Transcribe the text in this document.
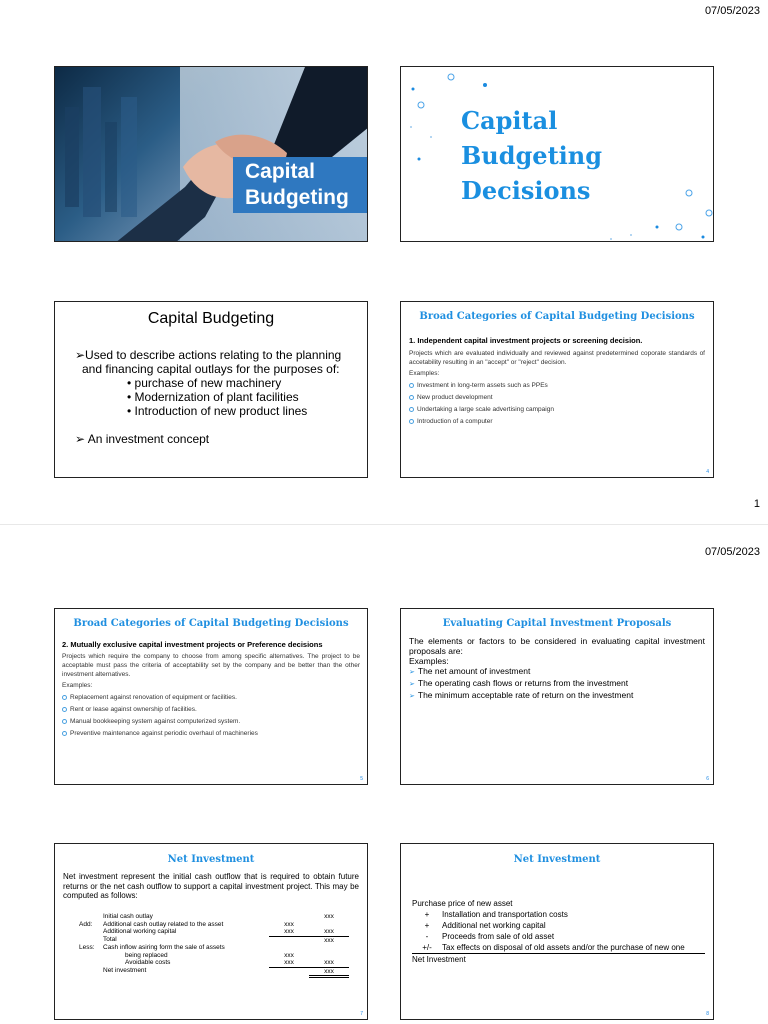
07/05/2023
Capital
Budgeting
Capital
Budgeting
Decisions
Capital Budgeting
➢Used to describe actions relating to the planning
and financing capital outlays for the purposes of:
• purchase of new machinery
• Modernization of plant facilities
• Introduction of new product lines
➢ An investment concept
Broad Categories of Capital Budgeting Decisions
1. Independent capital investment projects or screening decision.
Projects which are evaluated individually and reviewed against predetermined coporate standards of accetability resulting in an "accept" or "reject" decision.
Examples:
Investment in long-term assets such as PPEs
New product development
Undertaking a large scale advertising campaign
Introduction of a computer
4
1
07/05/2023
Broad Categories of Capital Budgeting Decisions
2. Mutually exclusive capital investment projects or Preference decisions
Projects which require the company to choose from among specific alternatives. The project to be acceptable must pass the criteria of acceptability set by the company and be better than the other investment alternatives.
Examples:
Replacement against renovation of equipment or facilities.
Rent or lease against ownership of facilities.
Manual bookkeeping system against computerized system.
Preventive maintenance against periodic overhaul of machineries
5
Evaluating Capital Investment Proposals
The elements or factors to be considered in evaluating capital investment proposals are:
Examples:
➢ The net amount of investment
➢ The operating cash flows or returns from the investment
➢ The minimum acceptable rate of return on the investment
6
Net Investment
Net investment represent the initial cash outflow that is required to obtain future returns or the net cash outflow to support a capital investment project. This may be computed as follows:
	Initial cash outlay		xxx
Add:	Additional cash outlay related to the asset	xxx	
	Additional working capital	xxx	xxx
	Total		xxx
Less:	Cash inflow asiring form the sale of assets		
	being replaced	xxx	
	Avoidable costs	xxx	xxx
	Net investment		xxx
7
Net Investment
Purchase price of new asset
+	Installation and transportation costs
+	Additional net working capital
-	Proceeds from sale of old asset
+/-	Tax effects on disposal of old assets and/or the purchase of new one
Net Investment
8
